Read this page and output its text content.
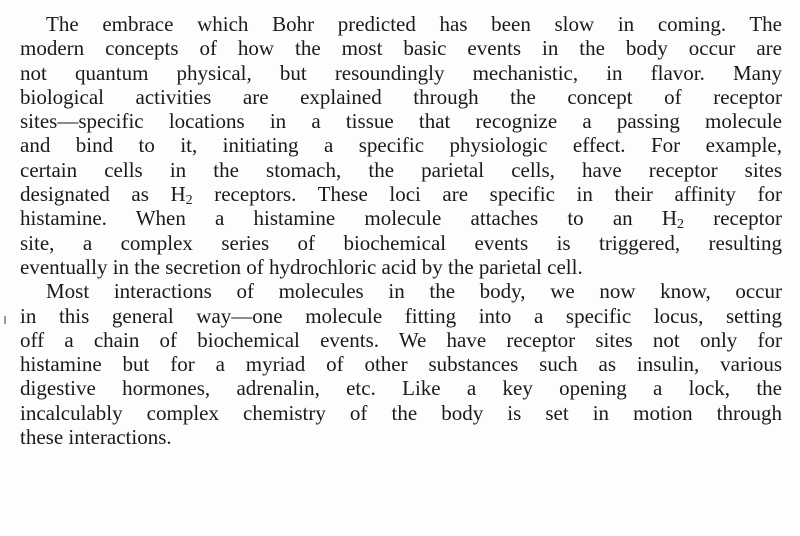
The embrace which Bohr predicted has been slow in coming. The
modern concepts of how the most basic events in the body occur are
not quantum physical, but resoundingly mechanistic, in flavor. Many
biological activities are explained through the concept of receptor
sites—specific locations in a tissue that recognize a passing molecule
and bind to it, initiating a specific physiologic effect. For example,
certain cells in the stomach, the parietal cells, have receptor sites
designated as $H_2$ receptors. These loci are specific in their affinity for
histamine. When a histamine molecule attaches to an $H_2$ receptor
site, a complex series of biochemical events is triggered, resulting
eventually in the secretion of hydrochloric acid by the parietal cell.
Most interactions of molecules in the body, we now know, occur
in this general way—one molecule fitting into a specific locus, setting
off a chain of biochemical events. We have receptor sites not only for
histamine but for a myriad of other substances such as insulin, various
digestive hormones, adrenalin, etc. Like a key opening a lock, the
incalculably complex chemistry of the body is set in motion through
these interactions.
